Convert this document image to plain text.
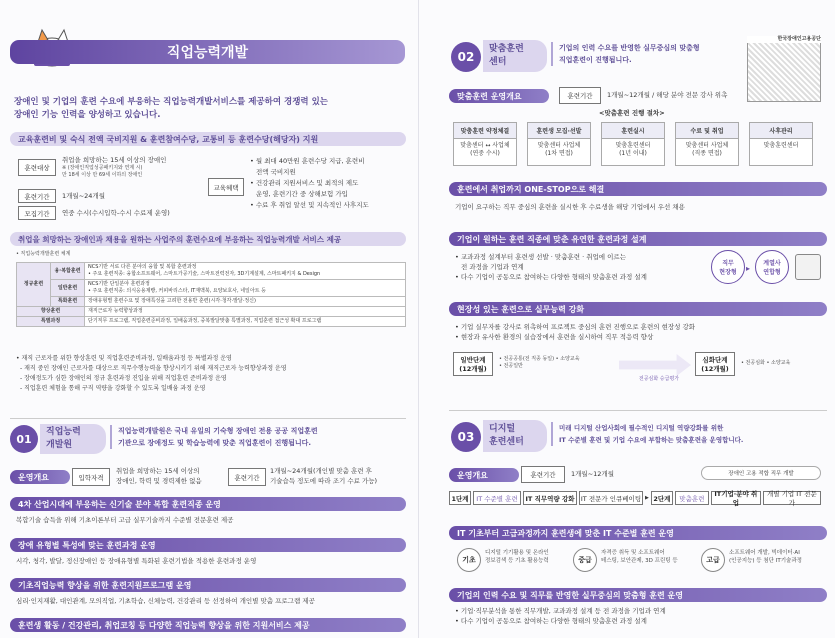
직업능력개발
장애인 및 기업의 훈련 수요에 부응하는 직업능력개발서비스를 제공하여 경쟁력 있는
장애인 기능 인력을 양성하고 있습니다.
교육훈련비 및 숙식 전액 국비지원 & 훈련참여수당, 교통비 등 훈련수당(해당자) 지원
훈련대상
취업을 희망하는 15세 이상의 장애인
※ (장애인직업성공패키지와 연계 시)
만 18세 이상 만 69세 이하의 장애인
훈련기간 1개월~24개월
모집기간 연중 수시(수시입학-수시 수료제 운영)
교육혜택
• 월 최대 40만원 훈련수당 지급, 훈련비
전액 국비지원
• 건강관리 지원서비스 및 최적의 제도
운영, 훈련기간 중 상해보험 가입
• 수료 후 취업 알선 및 지속적인 사후지도
취업을 희망하는 장애인과 채용을 원하는 사업주의 훈련수요에 부응하는 직업능력개발 서비스 제공
• 직업능력개발훈련 체계
정규훈련	융·복합훈련	NCS기반 서로 다른 분야의 융합 및 복합 훈련과정
• 주요 훈련직종: 융합소프트웨어, 스마트가공기술, 스마트전력전자, 3D기계설계, 스마트패키지 & Design
	일반훈련	NCS기반 단일분야 훈련과정
• 주요 훈련직종: 의식응용제빵, 커피바리스타, IT재맥북, 요양보호사, 네일아트 등
	특화훈련	장애유형별 훈련수요 및 장애특성을 고려한 전용반 훈련(시각·청각·발달·정신)
향상훈련		재직근로자 능력향상과정
특별과정		단기직무 프로그램, 직업훈련준비과정, 일배움과정, 중복발달맞춤 특별과정, 직업훈련 접근성 확대 프로그램
• 재직 근로자를 위한 향상훈련 및 직업훈련준비과정, 일배움과정 등 특별과정 운영
- 재직 중인 장애인 근로자를 대상으로 직무수행능력을 향상시키기 위해 재직근로자 능력향상과정 운영
- 장애정도가 심한 장애인의 정규 훈련과정 진입을 위해 직업훈련 준비과정 운영
- 직업훈련 체험을 통해 구직 역량을 강화할 수 있도록 일배움 과정 운영
01
직업능력
개발원
직업능력개발원은 국내 유일의 기숙형 장애인 전용 공공 직업훈련
기관으로 장애정도 및 학습능력에 맞춘 직업훈련이 진행됩니다.
운영개요	입학자격
취업을 희망하는 15세 이상의
장애인, 학력 및 경력제한 없음	훈련기간
1개월~24개월(개인별 맞춤 훈련 후
기술습득 정도에 따라 조기 수료 가능)
4차 산업시대에 부응하는 신기술 분야 복합 훈련직종 운영
복합기술 습득을 위해 기초이론부터 고급 실무기술까지 수준별 전문훈련 제공
장애 유형별 특성에 맞는 훈련과정 운영
시각, 청각, 발달, 정신장애인 등 장애유형별 특화된 훈련기법을 적용한 훈련과정 운영
기초직업능력 향상을 위한 훈련지원프로그램 운영
심리·인지재활, 대인관계, 모의직업, 기초학습, 신체능력, 건강관리 등 선정하여 개인별 맞춤 프로그램 제공
훈련생 활동 / 건강관리, 취업코칭 등 다양한 직업능력 향상을 위한 지원서비스 제공
02
맞춤훈련
센터
기업의 인력 수요를 반영한 실무중심의 맞춤형
직업훈련이 진행됩니다.
한국장애인고용공단
맞춤훈련 운영개요	훈련기간 1개월~12개월 / 해당 분야 전문 강사 위촉
<맞춤훈련 진행 절차>
맞춤훈련 약정체결
맞춤센터 ↔ 사업체
(연중 수시)
훈련생 모집·선발
맞춤센터 사업체
(1차 면접)
훈련실시
맞춤훈련센터
(1년 이내)
수료 및 취업
맞춤센터 사업체
(직종 면접)
사후관리
맞춤훈련센터
훈련에서 취업까지 ONE-STOP으로 해결
기업이 요구하는 직무 중심의 훈련을 실시한 후 수료생을 해당 기업에서 우선 채용
기업이 원하는 훈련 직종에 맞춘 유연한 훈련과정 설계
• 교과과정 설계부터 훈련생 선발 · 맞춤훈련 · 취업에 이르는
전 과정을 기업과 연계
• 다수 기업이 공동으로 참여하는 다양한 형태의 맞춤훈련 과정 설계
직무
현장형 ▸
계열사
연합형
현장성 있는 훈련으로 실무능력 강화
• 기업 실무자를 강사로 위촉하여 프로젝트 중심의 훈련 진행으로 훈련의 현장성 강화
• 현장과 유사한 환경의 실습장에서 훈련을 실시하여 직무 적응력 향상
일반단계
(12개월)
• 전공공통(전 직종 동일) • 소양교육
• 전공일반
전공심화 승급평가
심화단계
(12개월)
• 전공심화 • 소양교육
03
디지털
훈련센터
미래 디지털 산업사회에 필수적인 디지털 역량강화를 위한
IT 수준별 훈련 및 기업 수요에 부합하는 맞춤훈련을 운영합니다.
운영개요	훈련기간 1개월~12개월	장애인 고용 적합 직무 개발
1단계	IT 수준별 훈련	IT 직무역량 강화 IT 전문가 인큐베이팅 ▶ 2단계	맞춤훈련
IT기업·분야 취업
개별 기업 IT 전문가
IT 기초부터 고급과정까지 훈련생에 맞춘 IT 수준별 훈련 운영
기초
디지털 기기활용 및 온라인
정보검색 등 기초 활용능력	중급
자격증 취득 및 소프트웨어
테스팅, 보안관제, 3D 프린팅 등	고급
소프트웨어 개발, 빅데이터·AI
(인공지능) 등 첨단 IT기술과정
기업의 인력 수요 및 직무를 반영한 실무중심의 맞춤형 훈련 운영
• 기업·직무분석을 통한 직무개발, 교과과정 설계 등 전 과정을 기업과 연계
• 다수 기업이 공동으로 참여하는 다양한 형태의 맞춤훈련 과정 설계
